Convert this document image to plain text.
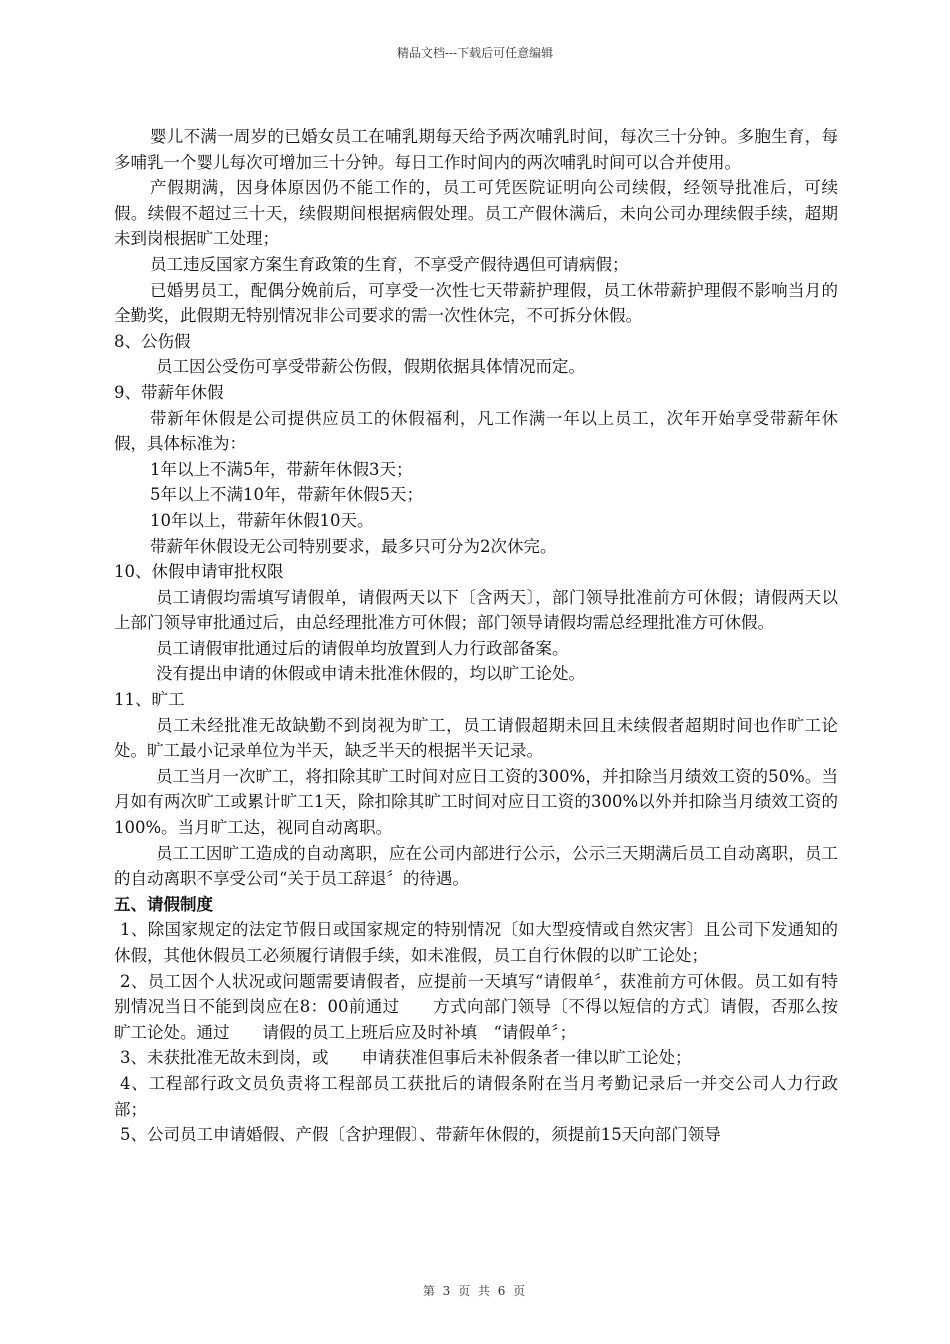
精品文档---下载后可任意编辑

婴儿不满一周岁的已婚女员工在哺乳期每天给予两次哺乳时间，每次三十分钟。多胞生育，每多哺乳一个婴儿每次可增加三十分钟。每日工作时间内的两次哺乳时间可以合并使用。

产假期满，因身体原因仍不能工作的，员工可凭医院证明向公司续假，经领导批准后，可续假。续假不超过三十天，续假期间根据病假处理。员工产假休满后，未向公司办理续假手续，超期未到岗根据旷工处理；

员工违反国家方案生育政策的生育，不享受产假待遇但可请病假；

已婚男员工，配偶分娩前后，可享受一次性七天带薪护理假，员工休带薪护理假不影响当月的全勤奖，此假期无特别情况非公司要求的需一次性休完，不可拆分休假。

8、公伤假

员工因公受伤可享受带薪公伤假，假期依据具体情况而定。

9、带薪年休假

带新年休假是公司提供应员工的休假福利，凡工作满一年以上员工，次年开始享受带薪年休假，具体标准为：

1年以上不满5年，带薪年休假3天；

5年以上不满10年，带薪年休假5天；

10年以上，带薪年休假10天。

带薪年休假设无公司特别要求，最多只可分为2次休完。

10、休假申请审批权限

员工请假均需填写请假单，请假两天以下〔含两天〕，部门领导批准前方可休假；请假两天以上部门领导审批通过后，由总经理批准方可休假；部门领导请假均需总经理批准方可休假。

员工请假审批通过后的请假单均放置到人力行政部备案。

没有提出申请的休假或申请未批准休假的，均以旷工论处。

11、旷工

员工未经批准无故缺勤不到岗视为旷工，员工请假超期未回且未续假者超期时间也作旷工论处。旷工最小记录单位为半天，缺乏半天的根据半天记录。

员工当月一次旷工，将扣除其旷工时间对应日工资的300%，并扣除当月绩效工资的50%。当月如有两次旷工或累计旷工1天，除扣除其旷工时间对应日工资的300%以外并扣除当月绩效工资的100%。当月旷工达，视同自动离职。

员工工因旷工造成的自动离职，应在公司内部进行公示，公示三天期满后员工自动离职，员工的自动离职不享受公司“关于员工辞退〞的待遇。

五、请假制度

1、除国家规定的法定节假日或国家规定的特别情况〔如大型疫情或自然灾害〕且公司下发通知的休假，其他休假员工必须履行请假手续，如未准假，员工自行休假的以旷工论处；

2、员工因个人状况或问题需要请假者，应提前一天填写“请假单〞，获准前方可休假。员工如有特别情况当日不能到岗应在8：00前通过　　方式向部门领导〔不得以短信的方式〕请假，否那么按旷工论处。通过　　请假的员工上班后应及时补填　“请假单〞；

3、未获批准无故未到岗，或　　申请获准但事后未补假条者一律以旷工论处；

4、工程部行政文员负责将工程部员工获批后的请假条附在当月考勤记录后一并交公司人力行政部；

5、公司员工申请婚假、产假〔含护理假〕、带薪年休假的，须提前15天向部门领导

第 3 页 共 6 页
